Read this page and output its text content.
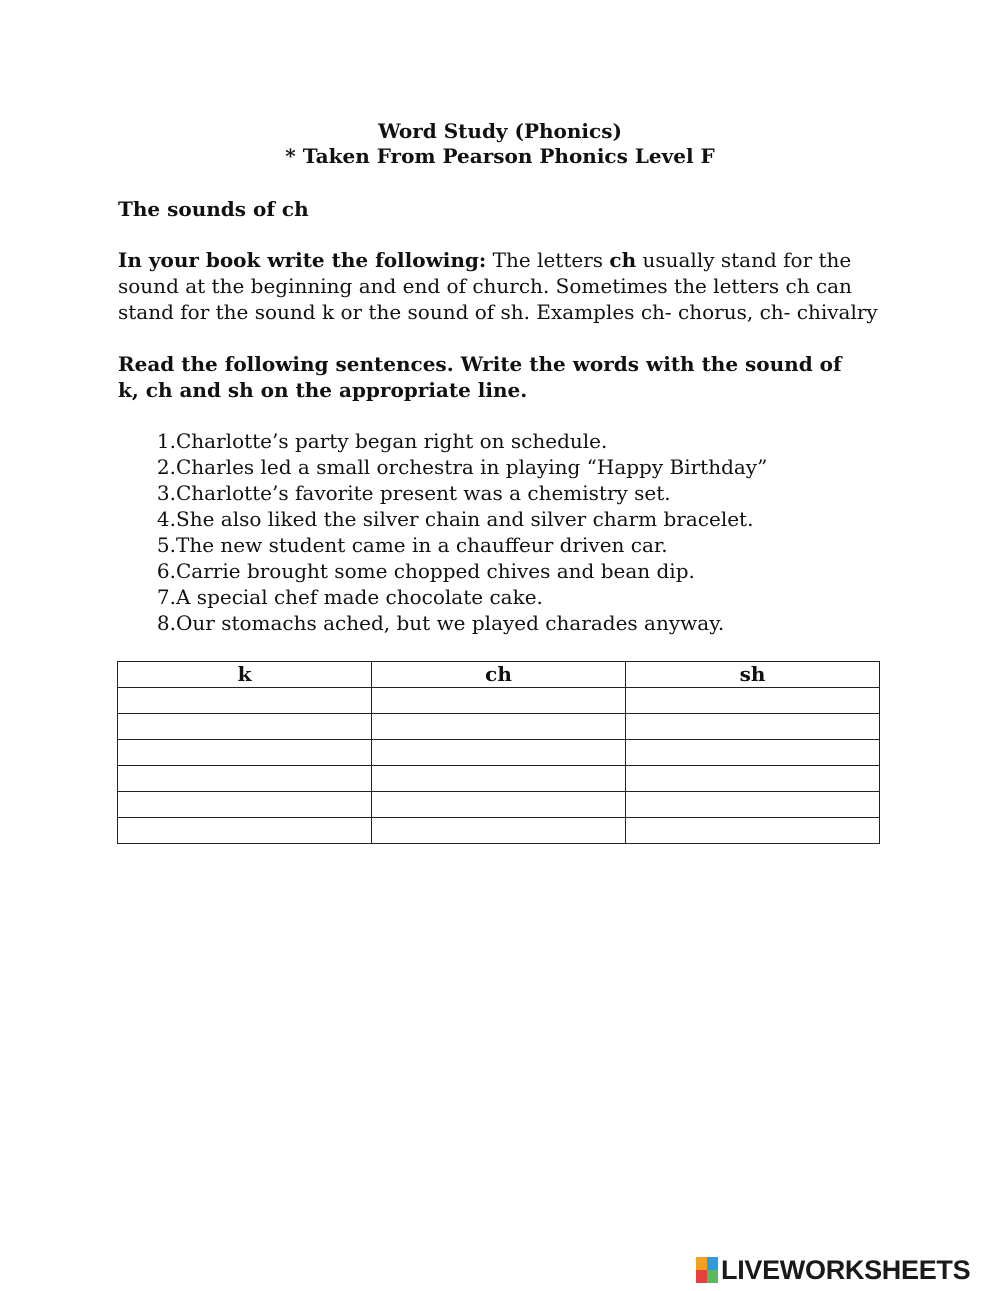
Word Study (Phonics)
* Taken From Pearson Phonics Level F
The sounds of ch
In your book write the following: The letters ch usually stand for the
sound at the beginning and end of church. Sometimes the letters ch can
stand for the sound k or the sound of sh. Examples ch- chorus, ch- chivalry
Read the following sentences. Write the words with the sound of
k, ch and sh on the appropriate line.
1. Charlotte’s party began right on schedule.
2. Charles led a small orchestra in playing “Happy Birthday”
3. Charlotte’s favorite present was a chemistry set.
4. She also liked the silver chain and silver charm bracelet.
5. The new student came in a chauffeur driven car.
6. Carrie brought some chopped chives and bean dip.
7. A special chef made chocolate cake.
8. Our stomachs ached, but we played charades anyway.
k	ch	sh

LIVEWORKSHEETS
